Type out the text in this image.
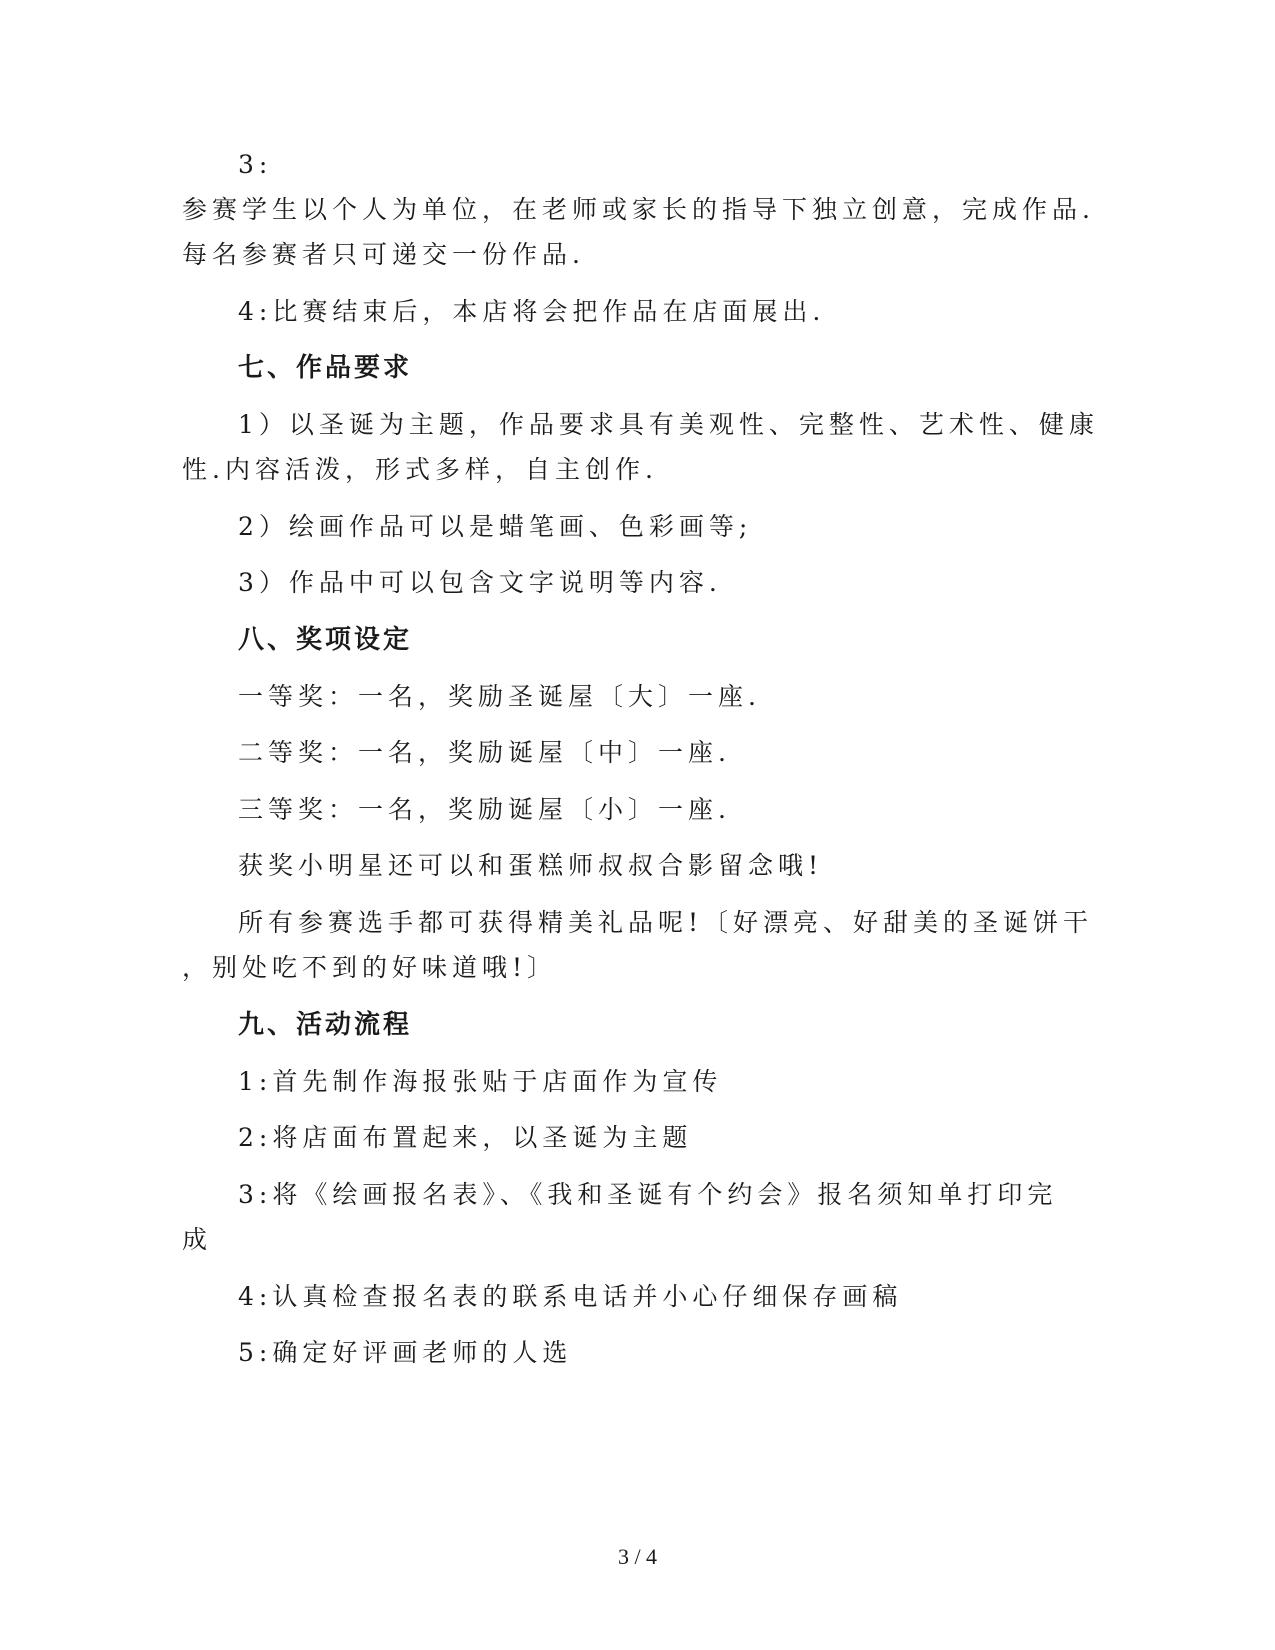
3:
参赛学生以个人为单位，在老师或家长的指导下独立创意，完成作品.
每名参赛者只可递交一份作品.
4:比赛结束后，本店将会把作品在店面展出.
七、作品要求
1）以圣诞为主题，作品要求具有美观性、完整性、艺术性、健康
性.内容活泼，形式多样，自主创作.
2）绘画作品可以是蜡笔画、色彩画等;
3）作品中可以包含文字说明等内容.
八、奖项设定
一等奖：一名，奖励圣诞屋〔大〕一座.
二等奖：一名，奖励诞屋〔中〕一座.
三等奖：一名，奖励诞屋〔小〕一座.
获奖小明星还可以和蛋糕师叔叔合影留念哦!
所有参赛选手都可获得精美礼品呢!〔好漂亮、好甜美的圣诞饼干
，别处吃不到的好味道哦!〕
九、活动流程
1:首先制作海报张贴于店面作为宣传
2:将店面布置起来，以圣诞为主题
3:将《绘画报名表》、《我和圣诞有个约会》报名须知单打印完
成
4:认真检查报名表的联系电话并小心仔细保存画稿
5:确定好评画老师的人选
3 / 4
